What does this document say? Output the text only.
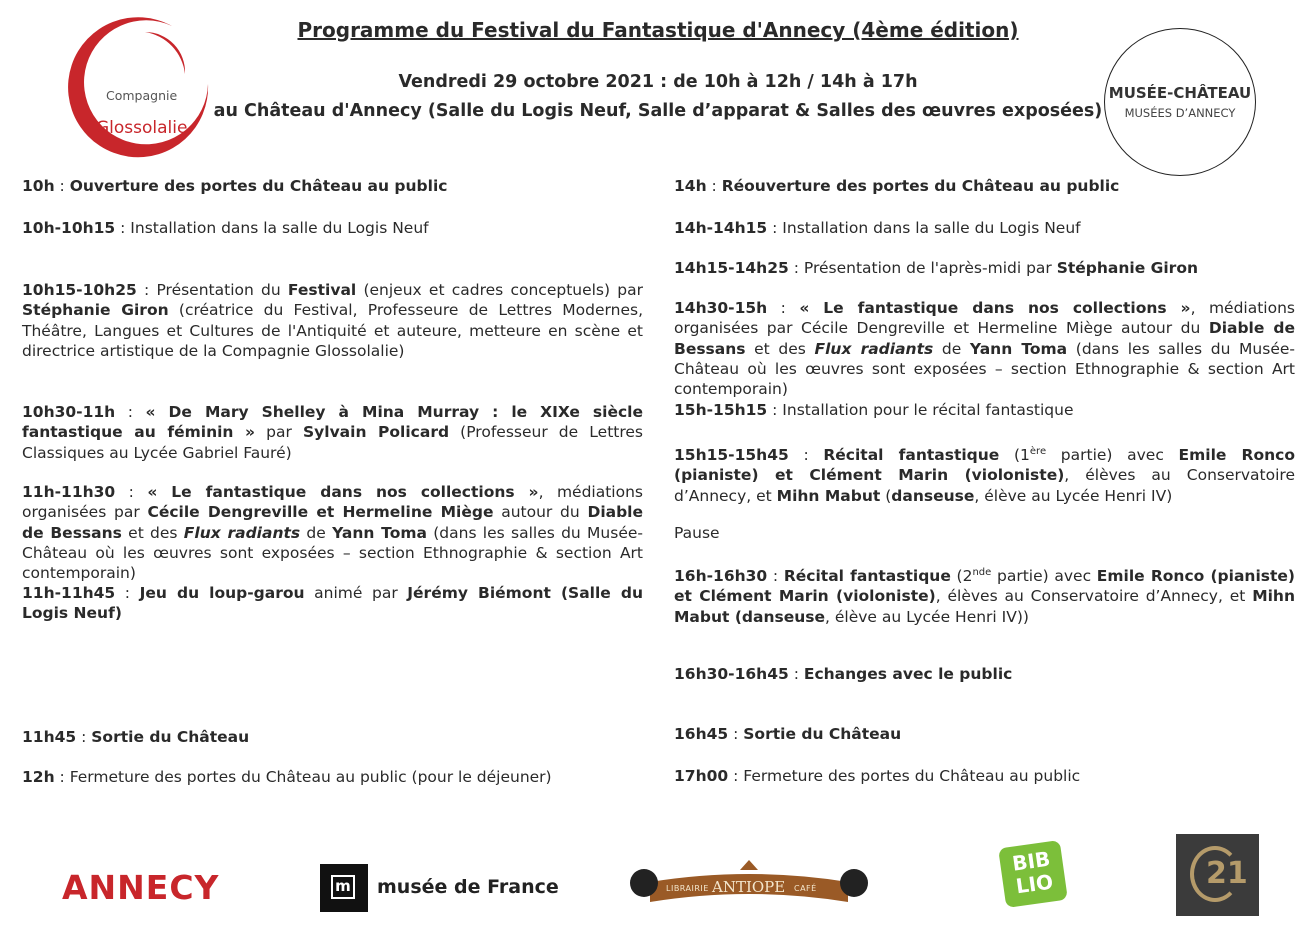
Compagnie
Glossolalie
Programme du Festival du Fantastique d'Annecy (4ème édition)
Vendredi 29 octobre 2021 : de 10h à 12h / 14h à 17h
au Château d'Annecy (Salle du Logis Neuf, Salle d’apparat & Salles des œuvres exposées)
MUSÉE-CHÂTEAU
MUSÉES D’ANNECY
10h : Ouverture des portes du Château au public
10h-10h15 : Installation dans la salle du Logis Neuf
10h15-10h25 : Présentation du Festival (enjeux et cadres conceptuels) par Stéphanie Giron (créatrice du Festival, Professeure de Lettres Modernes, Théâtre, Langues et Cultures de l'Antiquité et auteure, metteure en scène et directrice artistique de la Compagnie Glossolalie)
10h30-11h : « De Mary Shelley à Mina Murray : le XIXe siècle fantastique au féminin » par Sylvain Policard (Professeur de Lettres Classiques au Lycée Gabriel Fauré)
11h-11h30 : « Le fantastique dans nos collections », médiations organisées par Cécile Dengreville et Hermeline Miège autour du Diable de Bessans et des Flux radiants de Yann Toma (dans les salles du Musée-Château où les œuvres sont exposées – section Ethnographie & section Art contemporain)
11h-11h45 : Jeu du loup-garou animé par Jérémy Biémont (Salle du Logis Neuf)
11h45 : Sortie du Château
12h : Fermeture des portes du Château au public (pour le déjeuner)
14h : Réouverture des portes du Château au public
14h-14h15 : Installation dans la salle du Logis Neuf
14h15-14h25 : Présentation de l'après-midi par Stéphanie Giron
14h30-15h : « Le fantastique dans nos collections », médiations organisées par Cécile Dengreville et Hermeline Miège autour du Diable de Bessans et des Flux radiants de Yann Toma (dans les salles du Musée-Château où les œuvres sont exposées – section Ethnographie & section Art contemporain)
15h-15h15 : Installation pour le récital fantastique
15h15-15h45 : Récital fantastique (1ère partie) avec Emile Ronco (pianiste) et Clément Marin (violoniste), élèves au Conservatoire d’Annecy, et Mihn Mabut (danseuse, élève au Lycée Henri IV)
Pause
16h-16h30 : Récital fantastique (2nde partie) avec Emile Ronco (pianiste) et Clément Marin (violoniste), élèves au Conservatoire d’Annecy, et Mihn Mabut (danseuse, élève au Lycée Henri IV))
16h30-16h45 : Echanges avec le public
16h45 : Sortie du Château
17h00 : Fermeture des portes du Château au public
ANNECY	m musée de France	LIBRAIRIE ANTIOPE CAFÉ
BIB
LIO	21
